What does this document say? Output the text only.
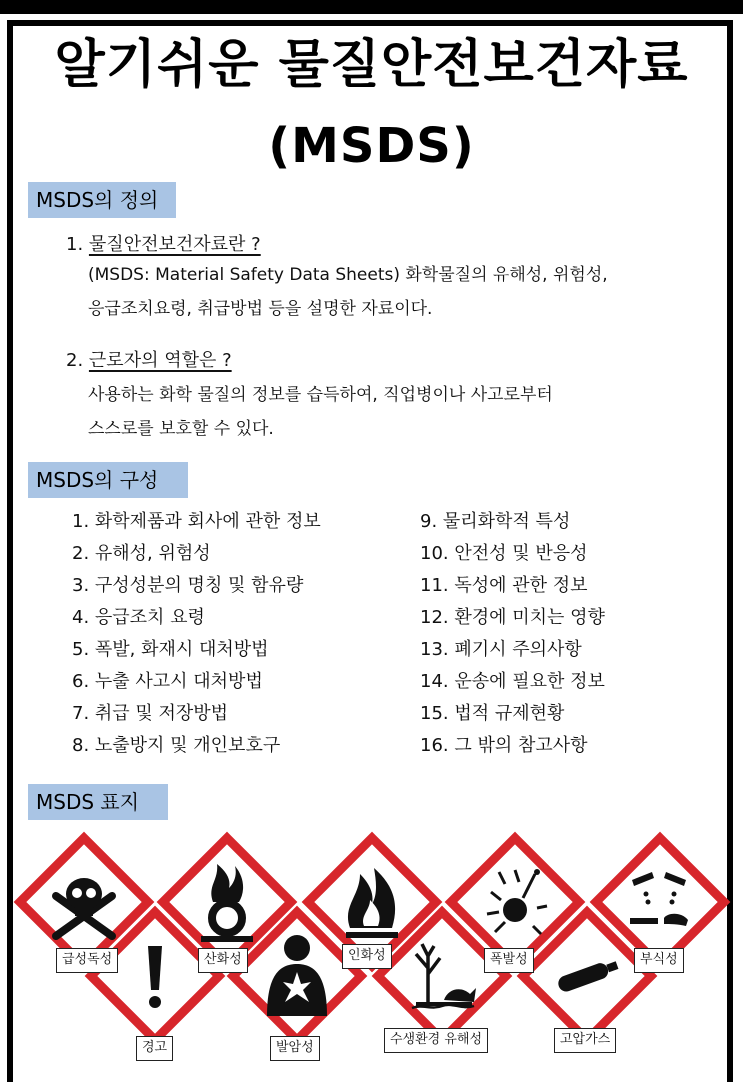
알기쉬운 물질안전보건자료
(MSDS)
MSDS의 정의
1. 물질안전보건자료란 ?
(MSDS: Material Safety Data Sheets) 화학물질의 유해성, 위험성,
응급조치요령, 취급방법 등을 설명한 자료이다.
2. 근로자의 역할은 ?
사용하는 화학 물질의 정보를 습득하여, 직업병이나 사고로부터
스스로를 보호할 수 있다.
MSDS의 구성
1. 화학제품과 회사에 관한 정보
2. 유해성, 위험성
3. 구성성분의 명칭 및 함유량
4. 응급조치 요령
5. 폭발, 화재시 대처방법
6. 누출 사고시 대처방법
7. 취급 및 저장방법
8. 노출방지 및 개인보호구
9. 물리화학적 특성
10. 안전성 및 반응성
11. 독성에 관한 정보
12. 환경에 미치는 영향
13. 폐기시 주의사항
14. 운송에 필요한 정보
15. 법적 규제현황
16. 그 밖의 참고사항
MSDS 표지
급성독성
경고
산화성
발암성
인화성
수생환경 유해성
폭발성
고압가스
부식성
